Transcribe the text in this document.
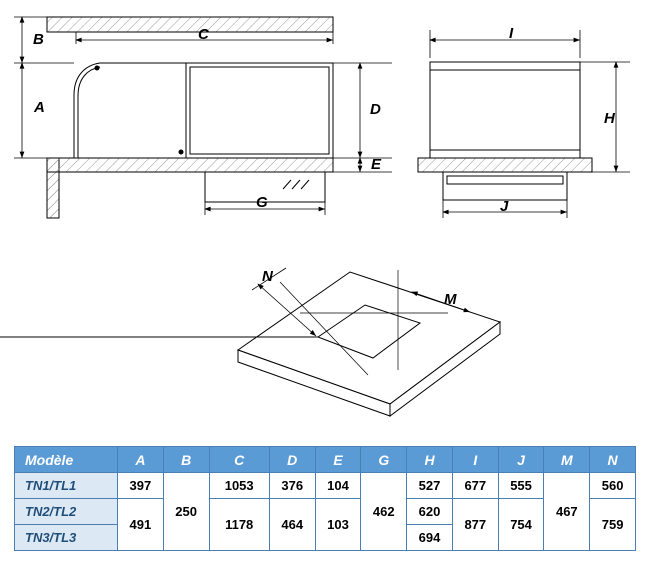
B
A
C
D
E
G
I
H
J
N
M
Modèle	A	B	C	D	E	G	H	I	J	M	N
TN1/TL1	397	250	1053	376	104	462	527	677	555	467	560
TN2/TL2	491		1178	464	103		620	877	754		759
TN3/TL3							694				
